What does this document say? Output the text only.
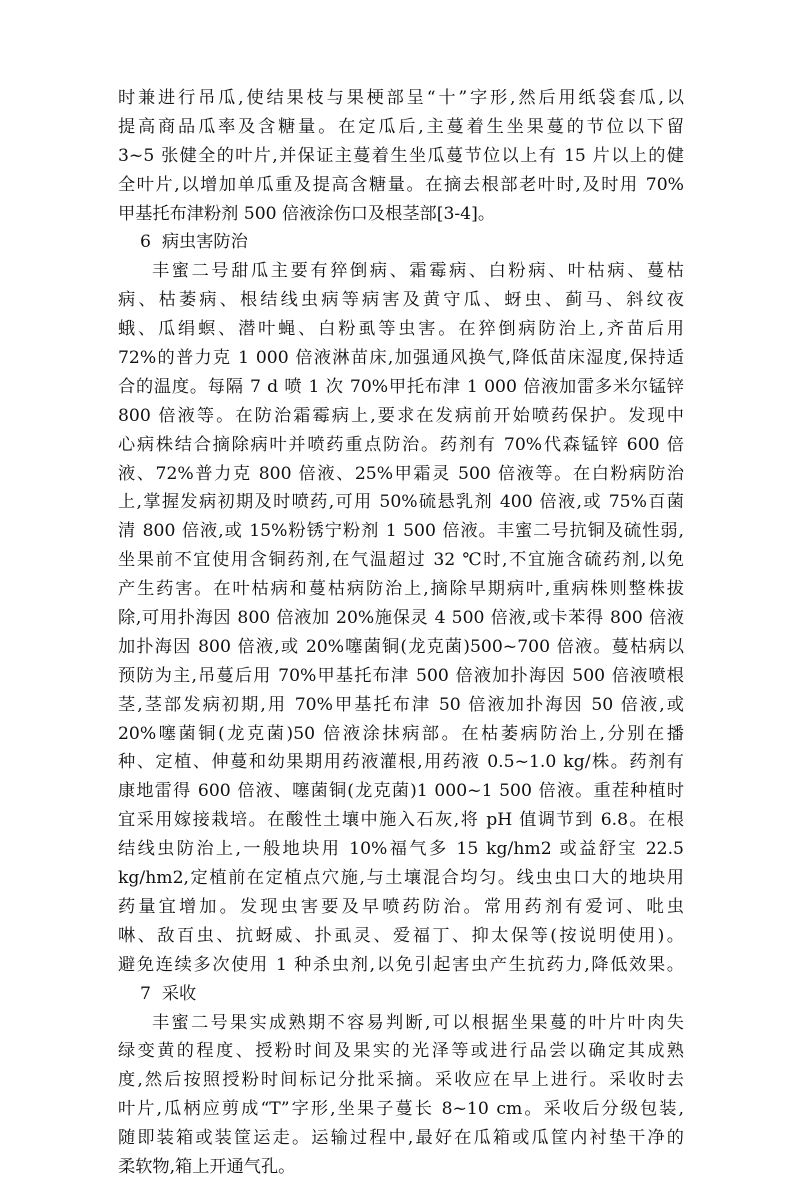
时兼进行吊瓜,使结果枝与果梗部呈“十”字形,然后用纸袋套瓜,以
提高商品瓜率及含糖量。在定瓜后,主蔓着生坐果蔓的节位以下留
3~5 张健全的叶片,并保证主蔓着生坐瓜蔓节位以上有 15 片以上的健
全叶片,以增加单瓜重及提高含糖量。在摘去根部老叶时,及时用 70%
甲基托布津粉剂 500 倍液涂伤口及根茎部[3-4]。
6  病虫害防治
丰蜜二号甜瓜主要有猝倒病、霜霉病、白粉病、叶枯病、蔓枯
病、枯萎病、根结线虫病等病害及黄守瓜、蚜虫、蓟马、斜纹夜
蛾、瓜绢螟、潜叶蝇、白粉虱等虫害。在猝倒病防治上,齐苗后用
72%的普力克 1 000 倍液淋苗床,加强通风换气,降低苗床湿度,保持适
合的温度。每隔 7 d 喷 1 次 70%甲托布津 1 000 倍液加雷多米尔锰锌
800 倍液等。在防治霜霉病上,要求在发病前开始喷药保护。发现中
心病株结合摘除病叶并喷药重点防治。药剂有 70%代森锰锌 600 倍
液、72%普力克 800 倍液、25%甲霜灵 500 倍液等。在白粉病防治
上,掌握发病初期及时喷药,可用 50%硫悬乳剂 400 倍液,或 75%百菌
清 800 倍液,或 15%粉锈宁粉剂 1 500 倍液。丰蜜二号抗铜及硫性弱,
坐果前不宜使用含铜药剂,在气温超过 32 ℃时,不宜施含硫药剂,以免
产生药害。在叶枯病和蔓枯病防治上,摘除早期病叶,重病株则整株拔
除,可用扑海因 800 倍液加 20%施保灵 4 500 倍液,或卡苯得 800 倍液
加扑海因 800 倍液,或 20%噻菌铜(龙克菌)500~700 倍液。蔓枯病以
预防为主,吊蔓后用 70%甲基托布津 500 倍液加扑海因 500 倍液喷根
茎,茎部发病初期,用 70%甲基托布津 50 倍液加扑海因 50 倍液,或
20%噻菌铜(龙克菌)50 倍液涂抹病部。在枯萎病防治上,分别在播
种、定植、伸蔓和幼果期用药液灌根,用药液 0.5~1.0 kg/株。药剂有
康地雷得 600 倍液、噻菌铜(龙克菌)1 000~1 500 倍液。重茬种植时
宜采用嫁接栽培。在酸性土壤中施入石灰,将 pH 值调节到 6.8。在根
结线虫防治上,一般地块用 10%福气多 15 kg/hm2 或益舒宝 22.5
kg/hm2,定植前在定植点穴施,与土壤混合均匀。线虫虫口大的地块用
药量宜增加。发现虫害要及早喷药防治。常用药剂有爱诃、吡虫
啉、敌百虫、抗蚜威、扑虱灵、爱福丁、抑太保等(按说明使用)。
避免连续多次使用 1 种杀虫剂,以免引起害虫产生抗药力,降低效果。
7  采收
丰蜜二号果实成熟期不容易判断,可以根据坐果蔓的叶片叶肉失
绿变黄的程度、授粉时间及果实的光泽等或进行品尝以确定其成熟
度,然后按照授粉时间标记分批采摘。采收应在早上进行。采收时去
叶片,瓜柄应剪成“T”字形,坐果子蔓长 8~10 cm。采收后分级包装,
随即装箱或装筐运走。运输过程中,最好在瓜箱或瓜筐内衬垫干净的
柔软物,箱上开通气孔。
